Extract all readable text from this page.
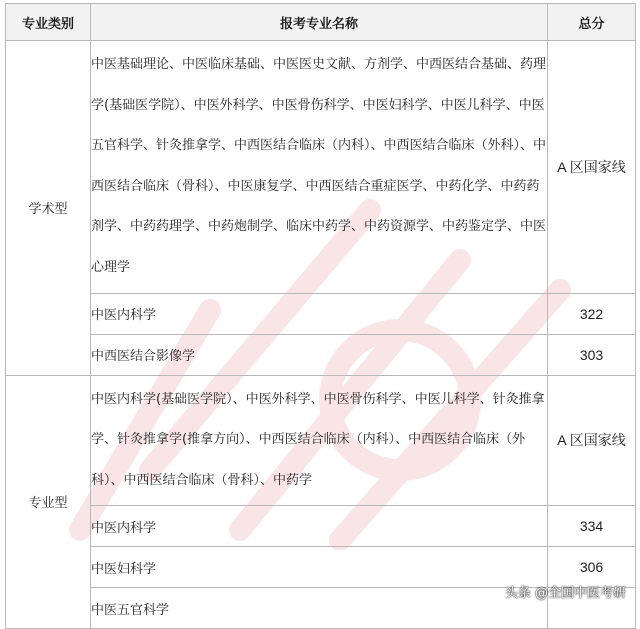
专业类别	报考专业名称	总分
学术型	中医基础理论、中医临床基础、中医医史文献、方剂学、中西医结合基础、药理学(基础医学院）、中医外科学、中医骨伤科学、中医妇科学、中医儿科学、中医五官科学、针灸推拿学、中西医结合临床（内科）、中西医结合临床（外科）、中西医结合临床（骨科）、中医康复学、中西医结合重症医学、中药化学、中药药剂学、中药药理学、中药炮制学、临床中药学、中药资源学、中药鉴定学、中医心理学	A 区国家线
	中医内科学	322
	中西医结合影像学	303
专业型	中医内科学(基础医学院）、中医外科学、中医骨伤科学、中医儿科学、针灸推拿学、针灸推拿学(推拿方向）、中西医结合临床（内科）、中西医结合临床（外科）、中西医结合临床（骨科）、中药学	A 区国家线
	中医内科学	334
	中医妇科学	306
	中医五官科学	
头条 @全国中医考研
